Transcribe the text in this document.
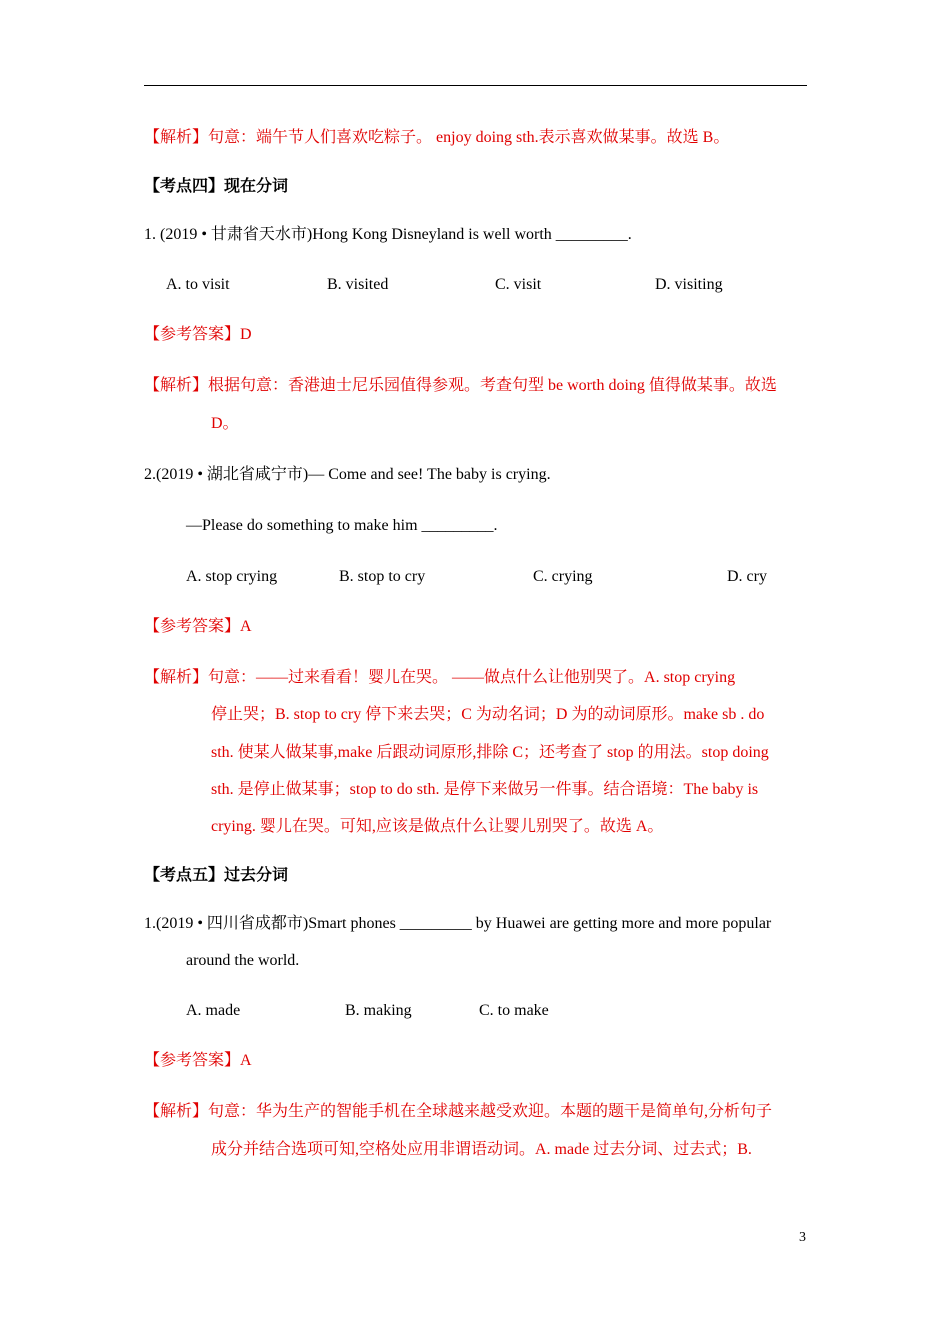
【解析】句意：端午节人们喜欢吃粽子。 enjoy doing sth.表示喜欢做某事。故选 B。
【考点四】现在分词
1. (2019 • 甘肃省天水市)Hong Kong Disneyland is well worth _________.
A. to visit	B. visited	C. visit	D. visiting
【参考答案】D
【解析】根据句意：香港迪士尼乐园值得参观。考查句型 be worth doing 值得做某事。故选
D。
2.(2019 • 湖北省咸宁市)— Come and see! The baby is crying.
—Please do something to make him _________.
A. stop crying	B. stop to cry	C. crying	D. cry
【参考答案】A
【解析】句意：——过来看看！婴儿在哭。 ——做点什么让他别哭了。A. stop crying
停止哭；B. stop to cry 停下来去哭；C 为动名词；D 为的动词原形。make sb . do
sth. 使某人做某事,make 后跟动词原形,排除 C；还考查了 stop 的用法。stop doing
sth. 是停止做某事；stop to do sth. 是停下来做另一件事。结合语境：The baby is
crying. 婴儿在哭。可知,应该是做点什么让婴儿别哭了。故选 A。
【考点五】过去分词
1.(2019 • 四川省成都市)Smart phones _________ by Huawei are getting more and more popular
around the world.
A. made	B. making	C. to make
【参考答案】A
【解析】句意：华为生产的智能手机在全球越来越受欢迎。本题的题干是简单句,分析句子
成分并结合选项可知,空格处应用非谓语动词。A. made 过去分词、过去式；B.
3
